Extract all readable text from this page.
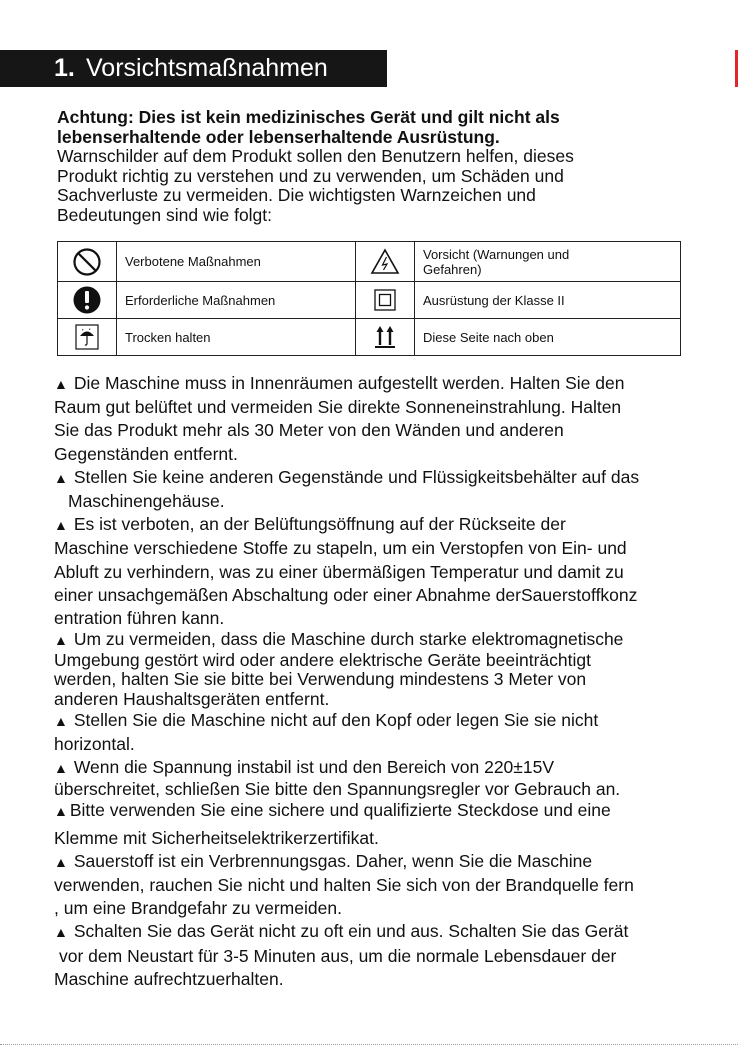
1. Vorsichtsmaßnahmen
Achtung: Dies ist kein medizinisches Gerät und gilt nicht als
lebenserhaltende oder lebenserhaltende Ausrüstung.
Warnschilder auf dem Produkt sollen den Benutzern helfen, dieses
Produkt richtig zu verstehen und zu verwenden, um Schäden und
Sachverluste zu vermeiden. Die wichtigsten Warnzeichen und
Bedeutungen sind wie folgt:
	Verbotene Maßnahmen		Vorsicht (Warnungen und
Gefahren)

	Erforderliche Maßnahmen		Ausrüstung der Klasse II
	Trocken halten		Diese Seite nach oben

▲ Die Maschine muss in Innenräumen aufgestellt werden. Halten Sie den

Raum gut belüftet und vermeiden Sie direkte Sonneneinstrahlung. Halten

Sie das Produkt mehr als 30 Meter von den Wänden und anderen

Gegenständen entfernt.

▲ Stellen Sie keine anderen Gegenstände und Flüssigkeitsbehälter auf das

Maschinengehäuse.

▲ Es ist verboten, an der Belüftungsöffnung auf der Rückseite der

Maschine verschiedene Stoffe zu stapeln, um ein Verstopfen von Ein- und

Abluft zu verhindern, was zu einer übermäßigen Temperatur und damit zu

einer unsachgemäßen Abschaltung oder einer Abnahme derSauerstoffkonz

entration führen kann.

▲ Um zu vermeiden, dass die Maschine durch starke elektromagnetische

Umgebung gestört wird oder andere elektrische Geräte beeinträchtigt

werden, halten Sie sie bitte bei Verwendung mindestens 3 Meter von

anderen Haushaltsgeräten entfernt.

▲ Stellen Sie die Maschine nicht auf den Kopf oder legen Sie sie nicht

horizontal.

▲ Wenn die Spannung instabil ist und den Bereich von 220±15V

überschreitet, schließen Sie bitte den Spannungsregler vor Gebrauch an.

▲ Bitte verwenden Sie eine sichere und qualifizierte Steckdose und eine

Klemme mit Sicherheitselektrikerzertifikat.

▲ Sauerstoff ist ein Verbrennungsgas. Daher, wenn Sie die Maschine

verwenden, rauchen Sie nicht und halten Sie sich von der Brandquelle fern

, um eine Brandgefahr zu vermeiden.

▲ Schalten Sie das Gerät nicht zu oft ein und aus. Schalten Sie das Gerät

vor dem Neustart für 3-5 Minuten aus, um die normale Lebensdauer der

Maschine aufrechtzuerhalten.
